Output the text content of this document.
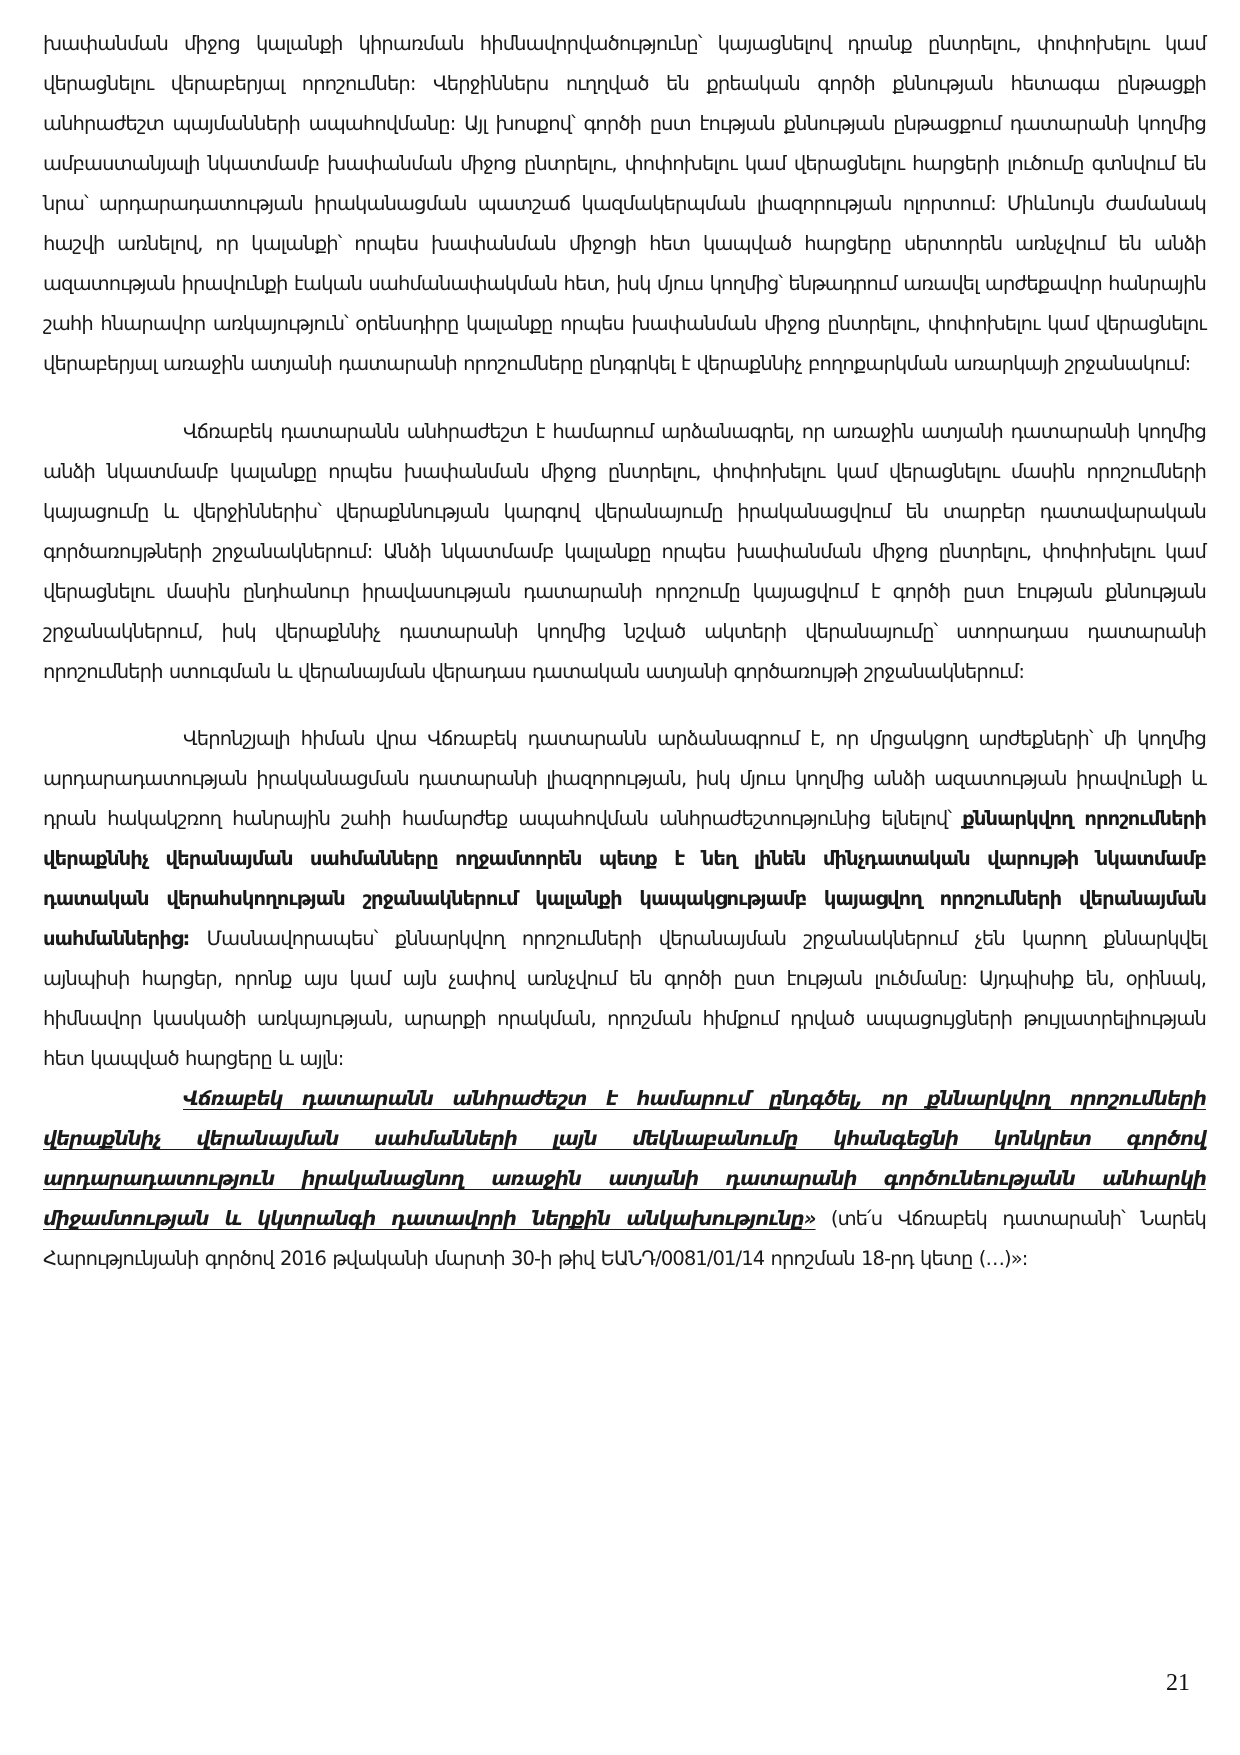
խափանման միջոց կալանքի կիրառման հիմնավորվածությունը՝ կայացնելով դրանք ընտրելու, փոփոխելու կամ վերացնելու վերաբերյալ որոշումներ: Վերջիններս ուղղված են քրեական գործի քննության հետագա ընթացքի անհրաժեշտ պայմանների ապահովմանը: Այլ խոսքով՝ գործի ըստ էության քննության ընթացքում դատարանի կողմից ամբաստանյալի նկատմամբ խափանման միջոց ընտրելու, փոփոխելու կամ վերացնելու հարցերի լուծումը գտնվում են նրա՝ արդարադատության իրականացման պատշաճ կազմակերպման լիազորության ոլորտում: Միևնույն ժամանակ հաշվի առնելով, որ կալանքի՝ որպես խափանման միջոցի հետ կապված հարցերը սերտորեն առնչվում են անձի ազատության իրավունքի էական սահմանափակման հետ, իսկ մյուս կողմից՝ ենթադրում առավել արժեքավոր հանրային շահի հնարավոր առկայություն՝ օրենսդիրը կալանքը որպես խափանման միջոց ընտրելու, փոփոխելու կամ վերացնելու վերաբերյալ առաջին ատյանի դատարանի որոշումները ընդգրկել է վերաքննիչ բողոքարկման առարկայի շրջանակում:

Վճռաբեկ դատարանն անհրաժեշտ է համարում արձանագրել, որ առաջին ատյանի դատարանի կողմից անձի նկատմամբ կալանքը որպես խափանման միջոց ընտրելու, փոփոխելու կամ վերացնելու մասին որոշումների կայացումը և վերջիններիս՝ վերաքննության կարգով վերանայումը իրականացվում են տարբեր դատավարական գործառույթների շրջանակներում: Անձի նկատմամբ կալանքը որպես խափանման միջոց ընտրելու, փոփոխելու կամ վերացնելու մասին ընդհանուր իրավասության դատարանի որոշումը կայացվում է գործի ըստ էության քննության շրջանակներում, իսկ վերաքննիչ դատարանի կողմից նշված ակտերի վերանայումը՝ ստորադաս դատարանի որոշումների ստուգման և վերանայման վերադաս դատական ատյանի գործառույթի շրջանակներում:

Վերոնշյալի հիման վրա Վճռաբեկ դատարանն արձանագրում է, որ մրցակցող արժեքների՝ մի կողմից արդարադատության իրականացման դատարանի լիազորության, իսկ մյուս կողմից անձի ազատության իրավունքի և դրան հակակշռող հանրային շահի համարժեք ապահովման անհրաժեշտությունից ելնելով՝ քննարկվող որոշումների վերաքննիչ վերանայման սահմանները ողջամտորեն պետք է նեղ լինեն մինչդատական վարույթի նկատմամբ դատական վերահսկողության շրջանակներում կալանքի կապակցությամբ կայացվող որոշումների վերանայման սահմաններից: Մասնավորապես՝ քննարկվող որոշումների վերանայման շրջանակներում չեն կարող քննարկվել այնպիսի հարցեր, որոնք այս կամ այն չափով առնչվում են գործի ըստ էության լուծմանը: Այդպիսիք են, օրինակ, հիմնավոր կասկածի առկայության, արարքի որակման, որոշման հիմքում դրված ապացույցների թույլատրելիության հետ կապված հարցերը և այլն:

Վճռաբեկ դատարանն անհրաժեշտ է համարում ընդգծել, որ քննարկվող որոշումների վերաքննիչ վերանայման սահմանների լայն մեկնաբանումը կհանգեցնի կոնկրետ գործով արդարադատություն իրականացնող առաջին ատյանի դատարանի գործունեությանն անհարկի միջամտության և կկտրանգի դատավորի ներքին անկախությունը» (տե՛ս Վճռաբեկ դատարանի՝ Նարեկ Հարությունյանի գործով 2016 թվականի մարտի 30-ի թիվ ԵԱՆԴ/0081/01/14 որոշման 18-րդ կետը (…)»:

21
